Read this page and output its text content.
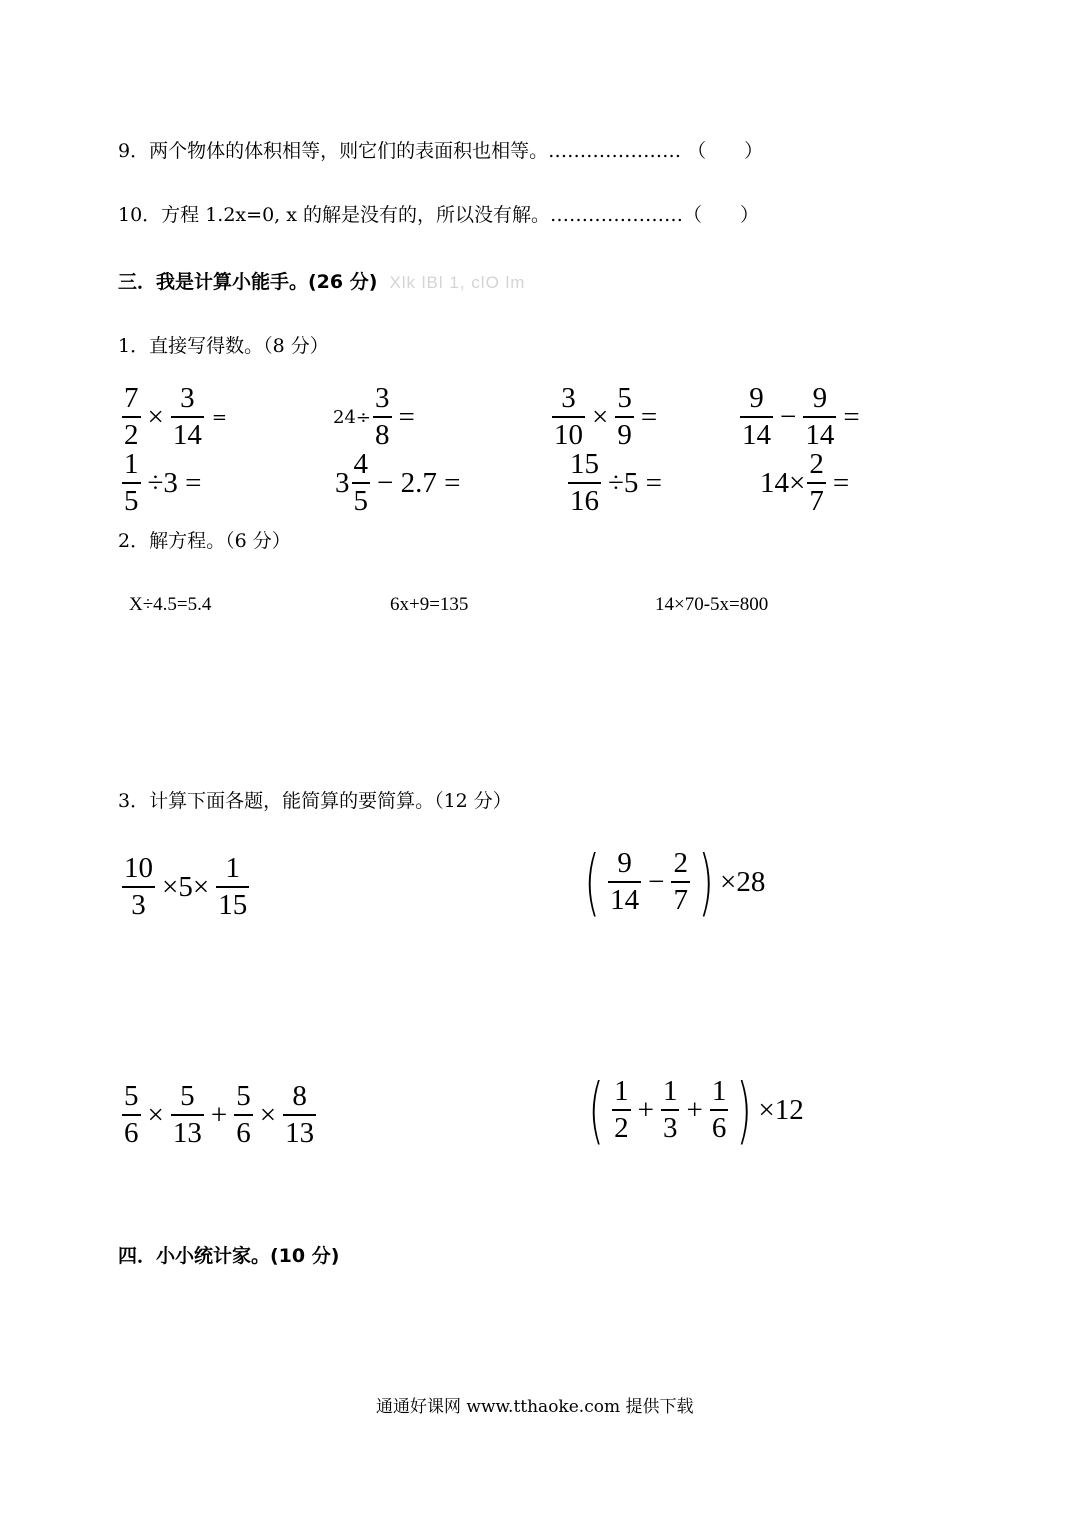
9．两个物体的体积相等，则它们的表面积也相等。………………… （　　）
10．方程 1.2x=0, x 的解是没有的，所以没有解。…………………（　　）
三．我是计算小能手。(26 分) Xlk lBl 1, clO lm
1．直接写得数。（8 分）
$\frac{7}{2} \times \frac{3}{14}$ =	$24\div \frac{3}{8}$ =	$\frac{3}{10} \times \frac{5}{9}$ =	$\frac{9}{14} - \frac{9}{14}$ =
$\frac{1}{5} \div 3$ =	$3 \frac{4}{5} - 2.7$ =	$\frac{15}{16} \div 5$ =	$14\times \frac{2}{7}$ =
2．解方程。（6 分）
X÷4.5=5.4	6x+9=135	14×70-5x=800
3．计算下面各题，能简算的要简算。（12 分）
$\frac{10}{3} \times 5\times \frac{1}{15}$	( $\frac{9}{14} - \frac{2}{7}$ ) ×28
$\frac{5}{6} \times \frac{5}{13} + \frac{5}{6} \times \frac{8}{13}$	( $\frac{1}{2} + \frac{1}{3} + \frac{1}{6}$ ) ×12
四．小小统计家。(10 分)
通通好课网 www.tthaoke.com 提供下载
